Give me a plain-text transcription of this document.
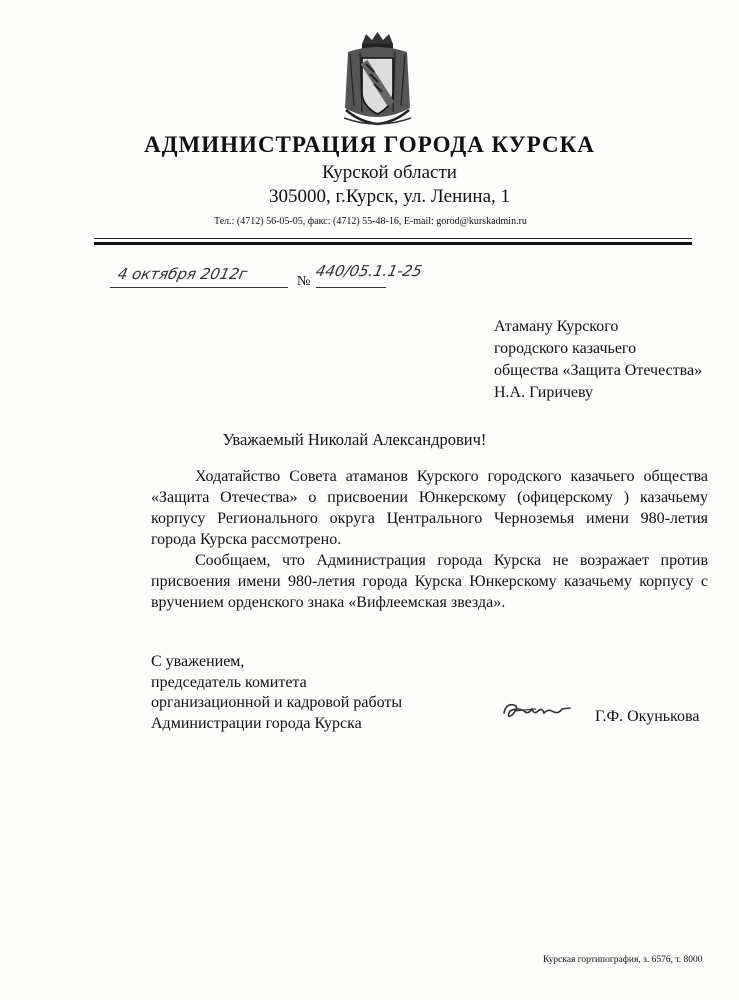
АДМИНИСТРАЦИЯ ГОРОДА КУРСКА
Курской области
305000, г.Курск, ул. Ленина, 1
Тел.: (4712) 56-05-05, факс: (4712) 55-48-16, E-mail: gorod@kurskadmin.ru
4 октября 2012г	№
440/05.1.1-25
Атаману Курского
городского казачьего
общества «Защита Отечества»
Н.А. Гиричеву
Уважаемый Николай Александрович!

Ходатайство Совета атаманов Курского городского казачьего общества «Защита Отечества» о присвоении Юнкерскому (офицерскому ) казачьему корпусу Регионального округа Центрального Черноземья имени 980-летия города Курска рассмотрено.

Сообщаем, что Администрация города Курска не возражает против присвоения имени 980-летия города Курска Юнкерскому казачьему корпусу с вручением орденского знака «Вифлеемская звезда».

С уважением,
председатель комитета
организационной и кадровой работы
Администрации города Курска	Г.Ф. Окунькова
Курская гортипография, з. 6576, т. 8000
